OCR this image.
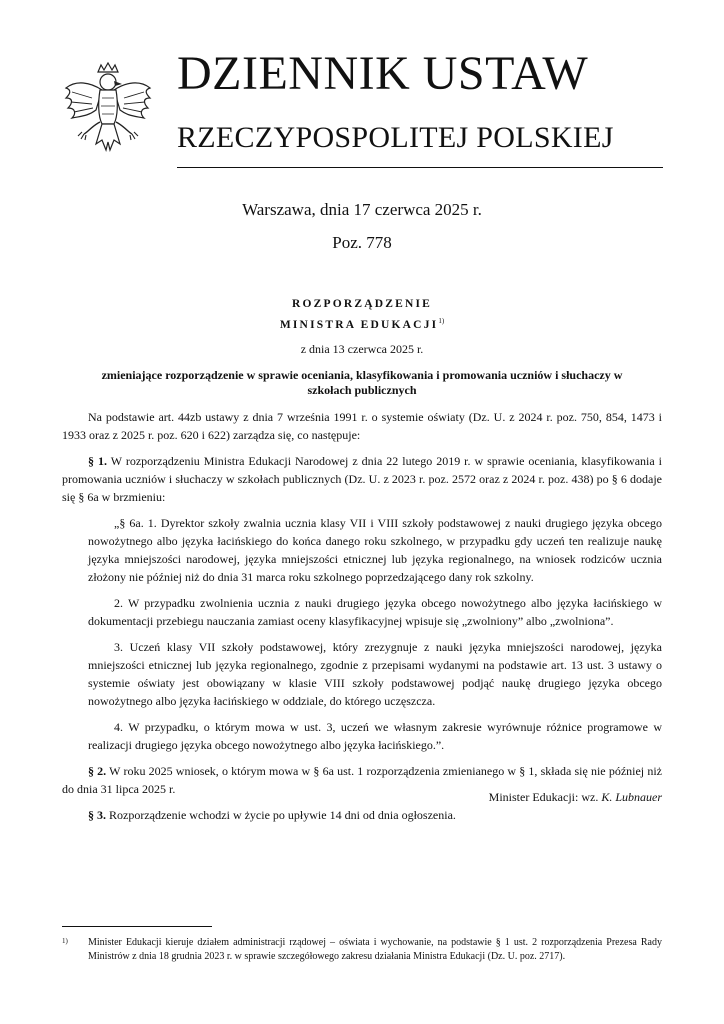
DZIENNIK USTAW
RZECZYPOSPOLITEJ POLSKIEJ
Warszawa, dnia 17 czerwca 2025 r.
Poz. 778
ROZPORZĄDZENIE
MINISTRA EDUKACJI$^{1)}$
z dnia 13 czerwca 2025 r.
zmieniające rozporządzenie w sprawie oceniania, klasyfikowania i promowania uczniów i słuchaczy w szkołach publicznych

Na podstawie art. 44zb ustawy z dnia 7 września 1991 r. o systemie oświaty (Dz. U. z 2024 r. poz. 750, 854, 1473 i 1933 oraz z 2025 r. poz. 620 i 622) zarządza się, co następuje:

§ 1. W rozporządzeniu Ministra Edukacji Narodowej z dnia 22 lutego 2019 r. w sprawie oceniania, klasyfikowania i promowania uczniów i słuchaczy w szkołach publicznych (Dz. U. z 2023 r. poz. 2572 oraz z 2024 r. poz. 438) po § 6 dodaje się § 6a w brzmieniu:

„§ 6a. 1. Dyrektor szkoły zwalnia ucznia klasy VII i VIII szkoły podstawowej z nauki drugiego języka obcego nowożytnego albo języka łacińskiego do końca danego roku szkolnego, w przypadku gdy uczeń ten realizuje naukę języka mniejszości narodowej, języka mniejszości etnicznej lub języka regionalnego, na wniosek rodziców ucznia złożony nie później niż do dnia 31 marca roku szkolnego poprzedzającego dany rok szkolny.

2. W przypadku zwolnienia ucznia z nauki drugiego języka obcego nowożytnego albo języka łacińskiego w dokumentacji przebiegu nauczania zamiast oceny klasyfikacyjnej wpisuje się „zwolniony” albo „zwolniona”.

3. Uczeń klasy VII szkoły podstawowej, który zrezygnuje z nauki języka mniejszości narodowej, języka mniejszości etnicznej lub języka regionalnego, zgodnie z przepisami wydanymi na podstawie art. 13 ust. 3 ustawy o systemie oświaty jest obowiązany w klasie VIII szkoły podstawowej podjąć naukę drugiego języka obcego nowożytnego albo języka łacińskiego w oddziale, do którego uczęszcza.

4. W przypadku, o którym mowa w ust. 3, uczeń we własnym zakresie wyrównuje różnice programowe w realizacji drugiego języka obcego nowożytnego albo języka łacińskiego.”.

§ 2. W roku 2025 wniosek, o którym mowa w § 6a ust. 1 rozporządzenia zmienianego w § 1, składa się nie później niż do dnia 31 lipca 2025 r.

§ 3. Rozporządzenie wchodzi w życie po upływie 14 dni od dnia ogłoszenia.

Minister Edukacji: wz. K. Lubnauer
1) Minister Edukacji kieruje działem administracji rządowej – oświata i wychowanie, na podstawie § 1 ust. 2 rozporządzenia Prezesa Rady Ministrów z dnia 18 grudnia 2023 r. w sprawie szczegółowego zakresu działania Ministra Edukacji (Dz. U. poz. 2717).
